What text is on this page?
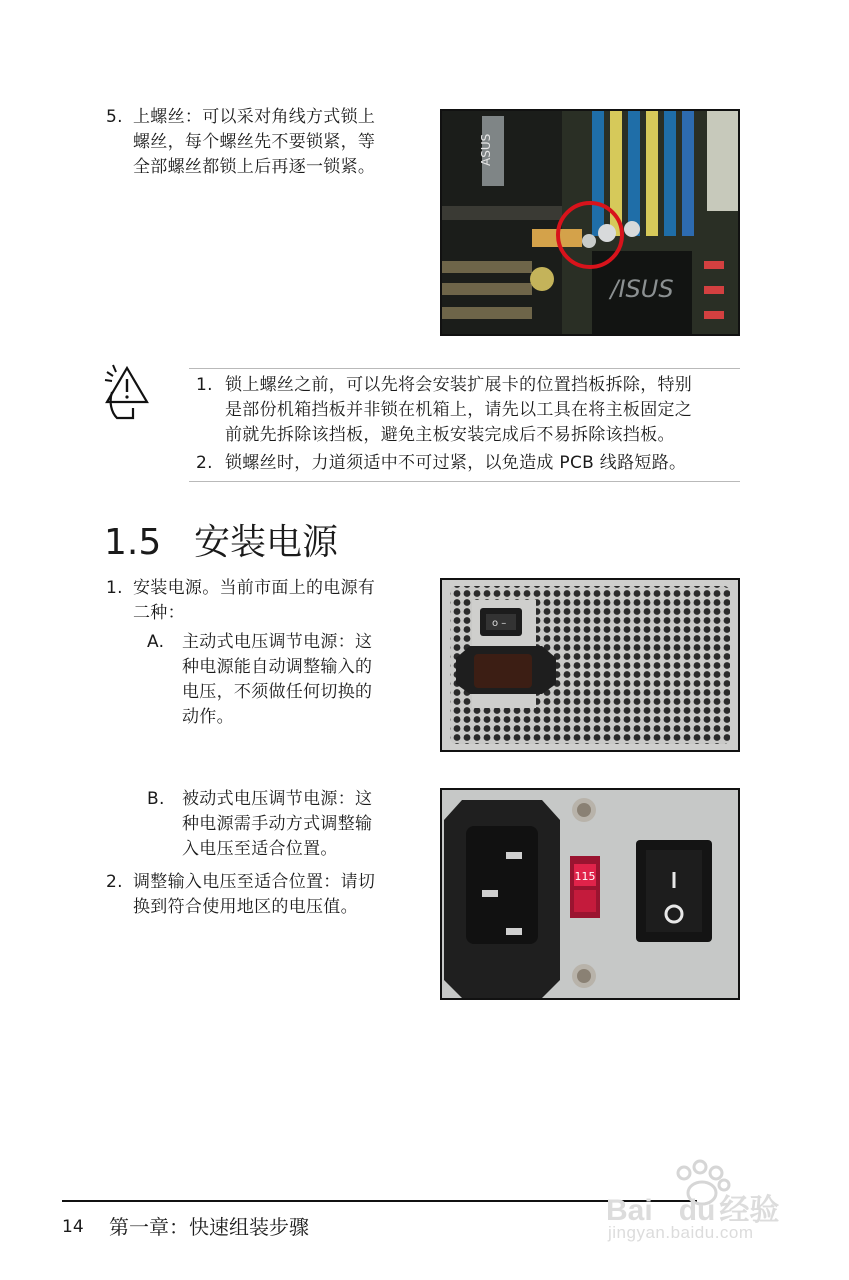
5. 上螺丝：可以采对角线方式锁上
螺丝，每个螺丝先不要锁紧，等
全部螺丝都锁上后再逐一锁紧。
/ISUS
ASUS
1. 锁上螺丝之前，可以先将会安装扩展卡的位置挡板拆除，特别
是部份机箱挡板并非锁在机箱上，请先以工具在将主板固定之
前就先拆除该挡板，避免主板安装完成后不易拆除该挡板。
2. 锁螺丝时，力道须适中不可过紧，以免造成 PCB 线路短路。
1.5 安装电源
1. 安装电源。当前市面上的电源有
二种：
A. 主动式电压调节电源：这
种电源能自动调整输入的
电压，不须做任何切换的
动作。
o –
B. 被动式电压调节电源：这
种电源需手动方式调整输
入电压至适合位置。
2. 调整输入电压至适合位置：请切
换到符合使用地区的电压值。
115
14 第一章：快速组装步骤	Bai du 经验
jingyan.baidu.com
